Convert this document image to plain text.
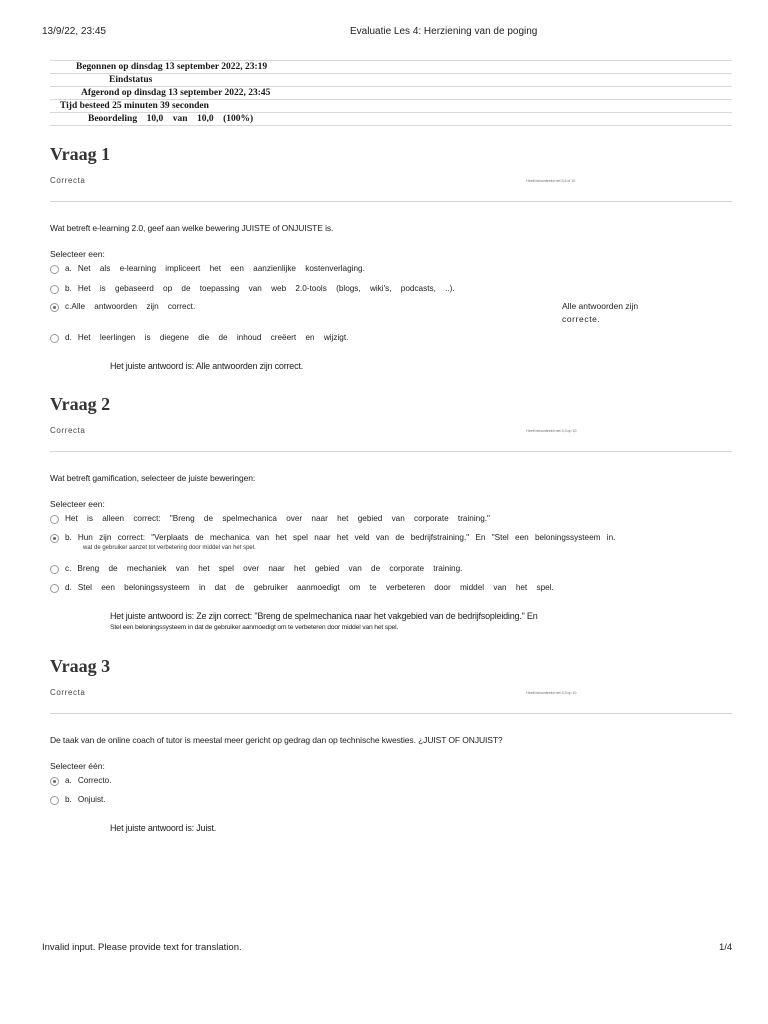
13/9/22, 23:45	Evaluatie Les 4: Herziening van de poging
Begonnen op dinsdag 13 september 2022, 23:19
Eindstatus
Afgerond op dinsdag 13 september 2022, 23:45
Tijd besteed 25 minuten 39 seconden
Beoordeling    10,0    van    10,0    (100%)
Vraag 1
Correcta	Heeft beoordeeld met 3,4 of 10
Wat betreft e-learning 2.0, geef aan welke bewering JUISTE of ONJUISTE is.
Selecteer een:
a. Net als e-learning impliceert het een aanzienlijke kostenverlaging.
b. Het is gebaseerd op de toepassing van web 2.0-tools (blogs, wiki's, podcasts, ..).
c.Alle antwoorden zijn correct.	Alle antwoorden zijn
correcte.
d. Het leerlingen is diegene die de inhoud creëert en wijzigt.
Het juiste antwoord is: Alle antwoorden zijn correct.
Vraag 2
Correcta	Heeft beoordeeld met 3,3 op 10
Wat betreft gamification, selecteer de juiste beweringen:
Selecteer een:
Het is alleen correct: "Breng de spelmechanica over naar het gebied van corporate training."
b. Hun zijn correct: "Verplaats de mechanica van het spel naar het veld van de bedrijfstraining." En "Stel een beloningssysteem in.
wat de gebruiker aanzet tot verbetering door middel van het spel.
c. Breng de mechaniek van het spel over naar het gebied van de corporate training.
d. Stel een beloningssysteem in dat de gebruiker aanmoedigt om te verbeteren door middel van het spel.
Het juiste antwoord is: Ze zijn correct: "Breng de spelmechanica naar het vakgebied van de bedrijfsopleiding." En
Stel een beloningssysteem in dat de gebruiker aanmoedigt om te verbeteren door middel van het spel.
Vraag 3
Correcta	Heeft beoordeeld met 3,3 op 10
De taak van de online coach of tutor is meestal meer gericht op gedrag dan op technische kwesties. ¿JUIST OF ONJUIST?
Selecteer één:
a. Correcto.
b. Onjuist.
Het juiste antwoord is: Juist.
Invalid input. Please provide text for translation.	1/4
